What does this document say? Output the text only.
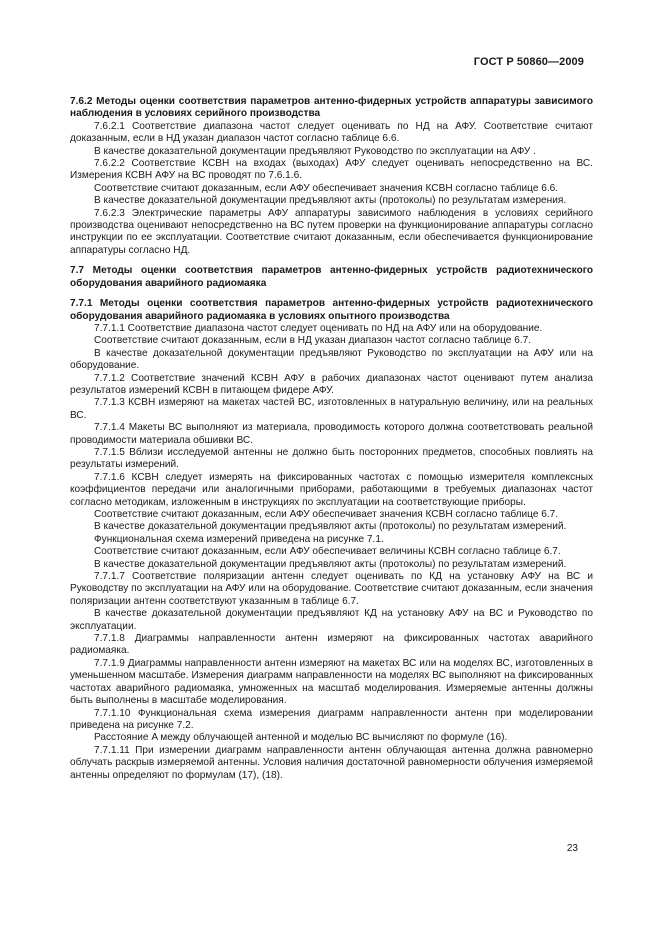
ГОСТ Р 50860—2009

7.6.2 Методы оценки соответствия параметров антенно-фидерных устройств аппаратуры зависимого наблюдения в условиях серийного производства

7.6.2.1 Соответствие диапазона частот следует оценивать по НД на АФУ. Соответствие считают доказанным, если в НД указан диапазон частот согласно таблице 6.6.

В качестве доказательной документации предъявляют Руководство по эксплуатации на АФУ .

7.6.2.2 Соответствие КСВН на входах (выходах) АФУ следует оценивать непосредственно на ВС. Измерения КСВН АФУ на ВС проводят по 7.6.1.6.

Соответствие считают доказанным, если АФУ обеспечивает значения КСВН согласно таблице 6.6.

В качестве доказательной документации предъявляют акты (протоколы) по результатам измерения.

7.6.2.3 Электрические параметры АФУ аппаратуры зависимого наблюдения в условиях серийного производства оценивают непосредственно на ВС путем проверки на функционирование аппаратуры согласно инструкции по ее эксплуатации. Соответствие считают доказанным, если обеспечивается функционирование аппаратуры согласно НД.

7.7 Методы оценки соответствия параметров антенно-фидерных устройств радиотехнического оборудования аварийного радиомаяка

7.7.1 Методы оценки соответствия параметров антенно-фидерных устройств радиотехнического оборудования аварийного радиомаяка в условиях опытного производства

7.7.1.1 Соответствие диапазона частот следует оценивать по НД на АФУ или на оборудование.

Соответствие считают доказанным, если в НД указан диапазон частот согласно таблице 6.7.

В качестве доказательной документации предъявляют Руководство по эксплуатации на АФУ или на оборудование.

7.7.1.2 Соответствие значений КСВН АФУ в рабочих диапазонах частот оценивают путем анализа результатов измерений КСВН в питающем фидере АФУ.

7.7.1.3 КСВН измеряют на макетах частей ВС, изготовленных в натуральную величину, или на реальных ВС.

7.7.1.4 Макеты ВС выполняют из материала, проводимость которого должна соответствовать реальной проводимости материала обшивки ВС.

7.7.1.5 Вблизи исследуемой антенны не должно быть посторонних предметов, способных повлиять на результаты измерений.

7.7.1.6 КСВН следует измерять на фиксированных частотах с помощью измерителя комплексных коэффициентов передачи или аналогичными приборами, работающими в требуемых диапазонах частот согласно методикам, изложенным в инструкциях по эксплуатации на соответствующие приборы.

Соответствие считают доказанным, если АФУ обеспечивает значения КСВН согласно таблице 6.7.

В качестве доказательной документации предъявляют акты (протоколы) по результатам измерений.

Функциональная схема измерений приведена на рисунке 7.1.

Соответствие считают доказанным, если АФУ обеспечивает величины КСВН согласно таблице 6.7.

В качестве доказательной документации предъявляют акты (протоколы) по результатам измерений.

7.7.1.7 Соответствие поляризации антенн следует оценивать по КД на установку АФУ на ВС и Руководству по эксплуатации на АФУ или на оборудование. Соответствие считают доказанным, если значения поляризации антенн соответствуют указанным в таблице 6.7.

В качестве доказательной документации предъявляют КД на установку АФУ на ВС и Руководство по эксплуатации.

7.7.1.8 Диаграммы направленности антенн измеряют на фиксированных частотах аварийного радиомаяка.

7.7.1.9 Диаграммы направленности антенн измеряют на макетах ВС или на моделях ВС, изготовленных в уменьшенном масштабе. Измерения диаграмм направленности на моделях ВС выполняют на фиксированных частотах аварийного радиомаяка, умноженных на масштаб моделирования. Измеряемые антенны должны быть выполнены в масштабе моделирования.

7.7.1.10 Функциональная схема измерения диаграмм направленности антенн при моделировании приведена на рисунке 7.2.

Расстояние A между облучающей антенной и моделью ВС вычисляют по формуле (16).

7.7.1.11 При измерении диаграмм направленности антенн облучающая антенна должна равномерно облучать раскрыв измеряемой антенны. Условия наличия достаточной равномерности облучения измеряемой антенны определяют по формулам (17), (18).

23
